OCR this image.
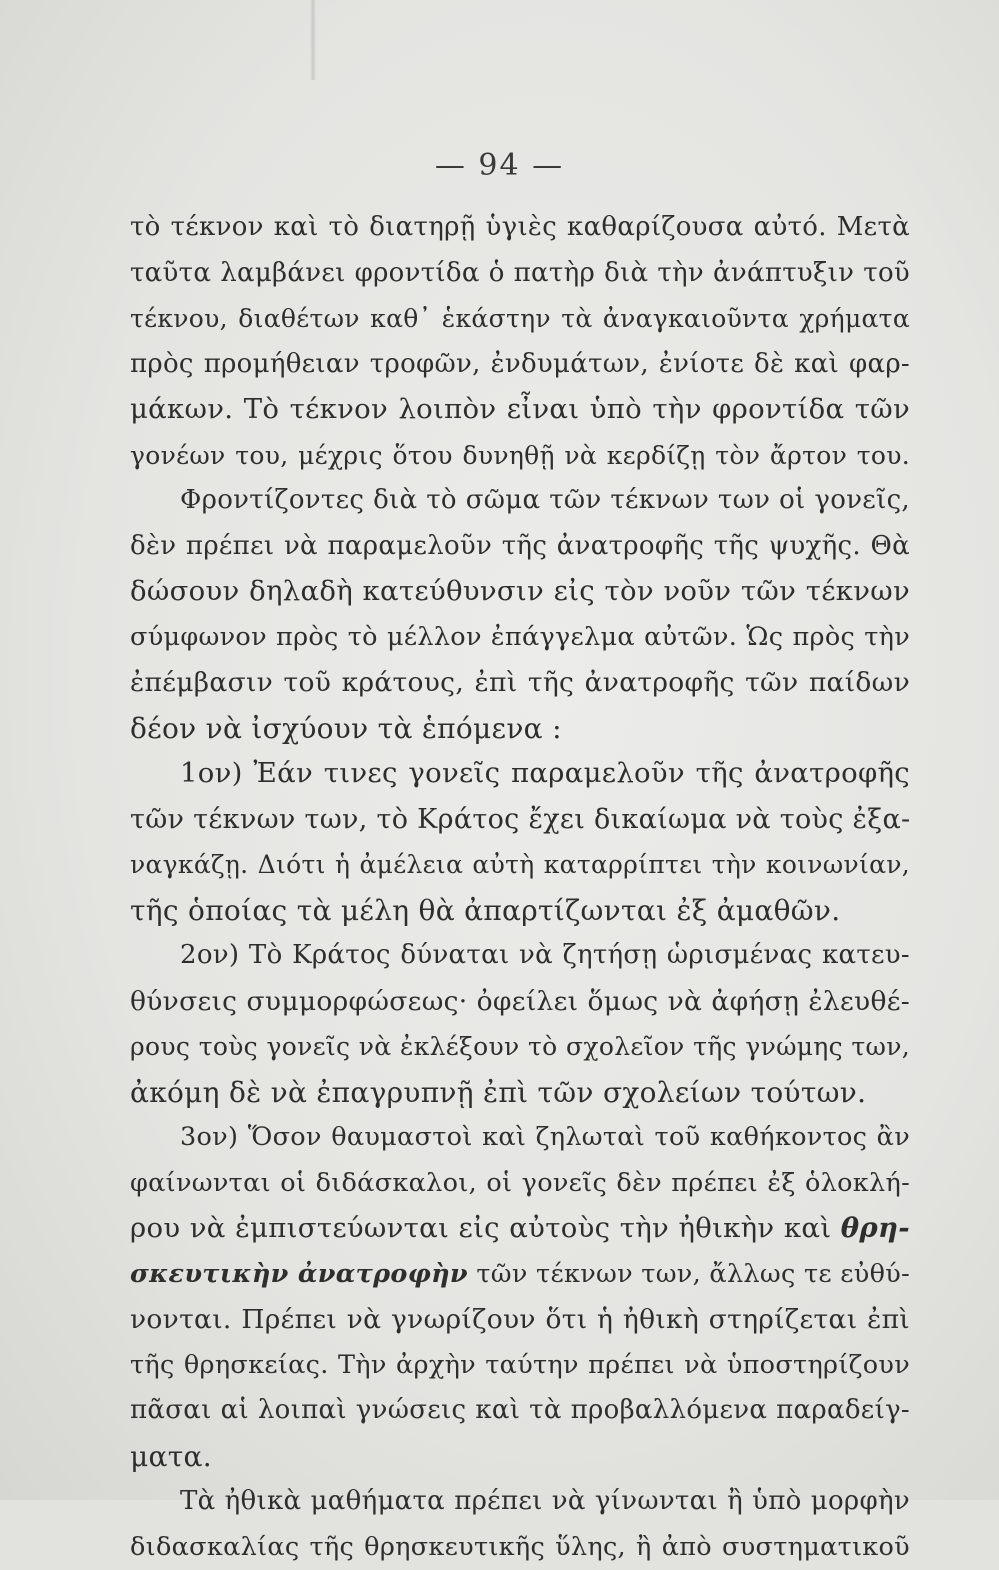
— 94 —
τὸ τέκνον καὶ τὸ διατηρῇ ὑγιὲς καθαρίζουσα αὐτό. Μετὰ
ταῦτα λαμβάνει φροντίδα ὁ πατὴρ διὰ τὴν ἀνάπτυξιν τοῦ
τέκνου, διαθέτων καθ᾽ ἑκάστην τὰ ἀναγκαιοῦντα χρήματα
πρὸς προμήθειαν τροφῶν, ἐνδυμάτων, ἐνίοτε δὲ καὶ φαρ-
μάκων. Τὸ τέκνον λοιπὸν εἶναι ὑπὸ τὴν φροντίδα τῶν
γονέων του, μέχρις ὅτου δυνηθῇ νὰ κερδίζῃ τὸν ἄρτον του.
Φροντίζοντες διὰ τὸ σῶμα τῶν τέκνων των οἱ γονεῖς,
δὲν πρέπει νὰ παραμελοῦν τῆς ἀνατροφῆς τῆς ψυχῆς. Θὰ
δώσουν δηλαδὴ κατεύθυνσιν εἰς τὸν νοῦν τῶν τέκνων
σύμφωνον πρὸς τὸ μέλλον ἐπάγγελμα αὐτῶν. Ὡς πρὸς τὴν
ἐπέμβασιν τοῦ κράτους, ἐπὶ τῆς ἀνατροφῆς τῶν παίδων
δέον νὰ ἰσχύουν τὰ ἑπόμενα :
1ον) Ἐάν τινες γονεῖς παραμελοῦν τῆς ἀνατροφῆς
τῶν τέκνων των, τὸ Κράτος ἔχει δικαίωμα νὰ τοὺς ἐξα-
ναγκάζῃ. Διότι ἡ ἀμέλεια αὐτὴ καταρρίπτει τὴν κοινωνίαν,
τῆς ὁποίας τὰ μέλη θὰ ἀπαρτίζωνται ἐξ ἀμαθῶν.
2ον) Τὸ Κράτος δύναται νὰ ζητήσῃ ὡρισμένας κατευ-
θύνσεις συμμορφώσεως· ὀφείλει ὅμως νὰ ἀφήσῃ ἐλευθέ-
ρους τοὺς γονεῖς νὰ ἐκλέξουν τὸ σχολεῖον τῆς γνώμης των,
ἀκόμη δὲ νὰ ἐπαγρυπνῇ ἐπὶ τῶν σχολείων τούτων.
3ον) Ὅσον θαυμαστοὶ καὶ ζηλωταὶ τοῦ καθήκοντος ἂν
φαίνωνται οἱ διδάσκαλοι, οἱ γονεῖς δὲν πρέπει ἐξ ὁλοκλή-
ρου νὰ ἐμπιστεύωνται εἰς αὐτοὺς τὴν ἠθικὴν καὶ θρη-
σκευτικὴν ἀνατροφὴν τῶν τέκνων των, ἄλλως τε εὐθύ-
νονται. Πρέπει νὰ γνωρίζουν ὅτι ἡ ἠθικὴ στηρίζεται ἐπὶ
τῆς θρησκείας. Τὴν ἀρχὴν ταύτην πρέπει νὰ ὑποστηρίζουν
πᾶσαι αἱ λοιπαὶ γνώσεις καὶ τὰ προβαλλόμενα παραδείγ-
ματα.
Τὰ ἠθικὰ μαθήματα πρέπει νὰ γίνωνται ἢ ὑπὸ μορφὴν
διδασκαλίας τῆς θρησκευτικῆς ὕλης, ἢ ἀπὸ συστηματικοῦ
